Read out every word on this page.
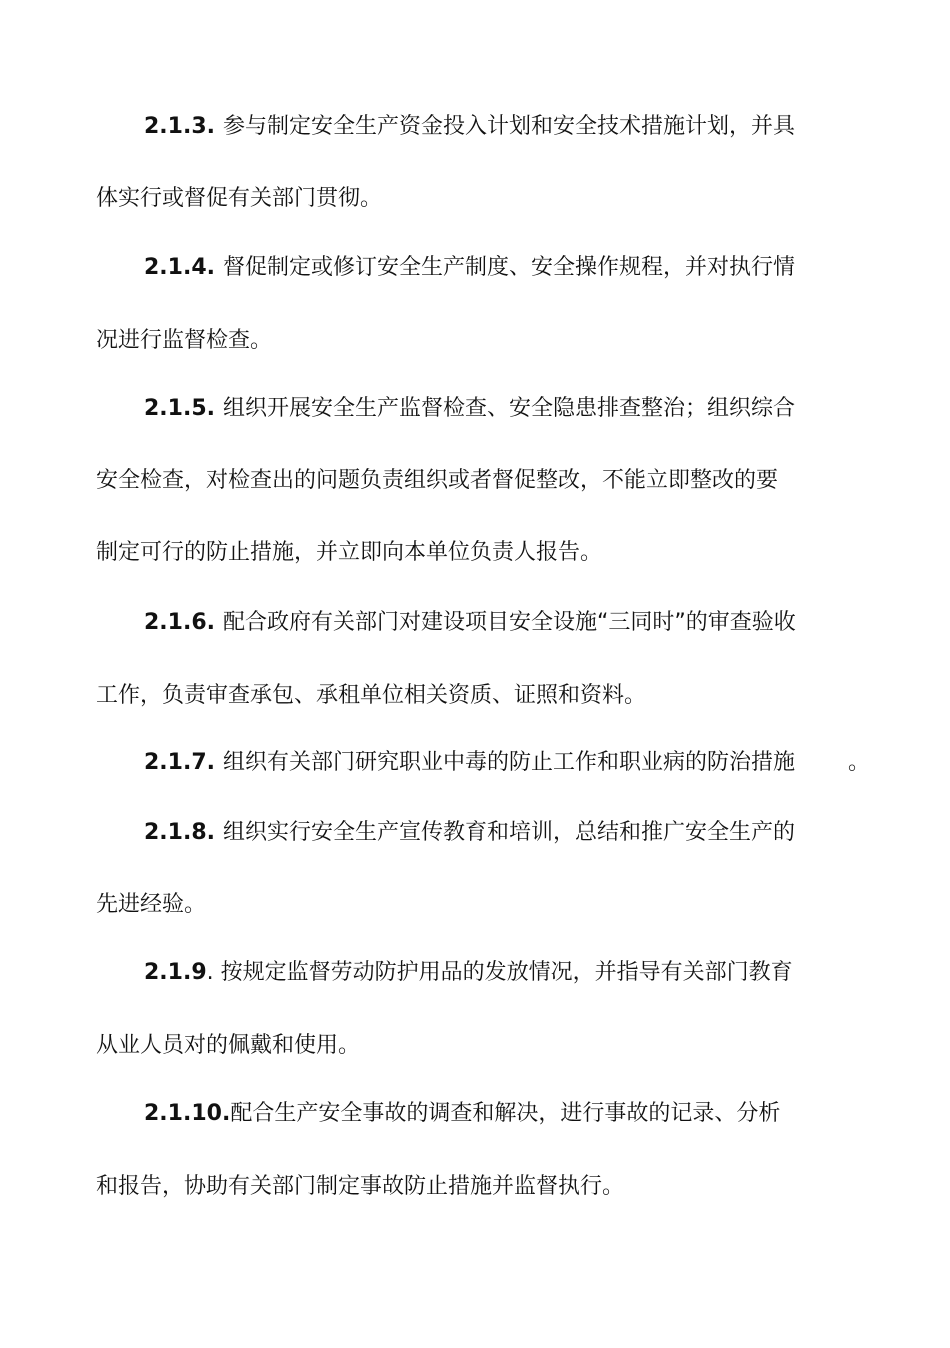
2.1.3. 参与制定安全生产资金投入计划和安全技术措施计划，并具
体实行或督促有关部门贯彻。
2.1.4. 督促制定或修订安全生产制度、安全操作规程，并对执行情
况进行监督检查。
2.1.5. 组织开展安全生产监督检查、安全隐患排查整治；组织综合
安全检查，对检查出的问题负责组织或者督促整改，不能立即整改的要
制定可行的防止措施，并立即向本单位负责人报告。
2.1.6. 配合政府有关部门对建设项目安全设施“三同时”的审查验收
工作，负责审查承包、承租单位相关资质、证照和资料。
2.1.7. 组织有关部门研究职业中毒的防止工作和职业病的防治措施 。
2.1.8. 组织实行安全生产宣传教育和培训，总结和推广安全生产的
先进经验。
2.1.9. 按规定监督劳动防护用品的发放情况，并指导有关部门教育
从业人员对的佩戴和使用。
2.1.10.配合生产安全事故的调查和解决，进行事故的记录、分析
和报告，协助有关部门制定事故防止措施并监督执行。
